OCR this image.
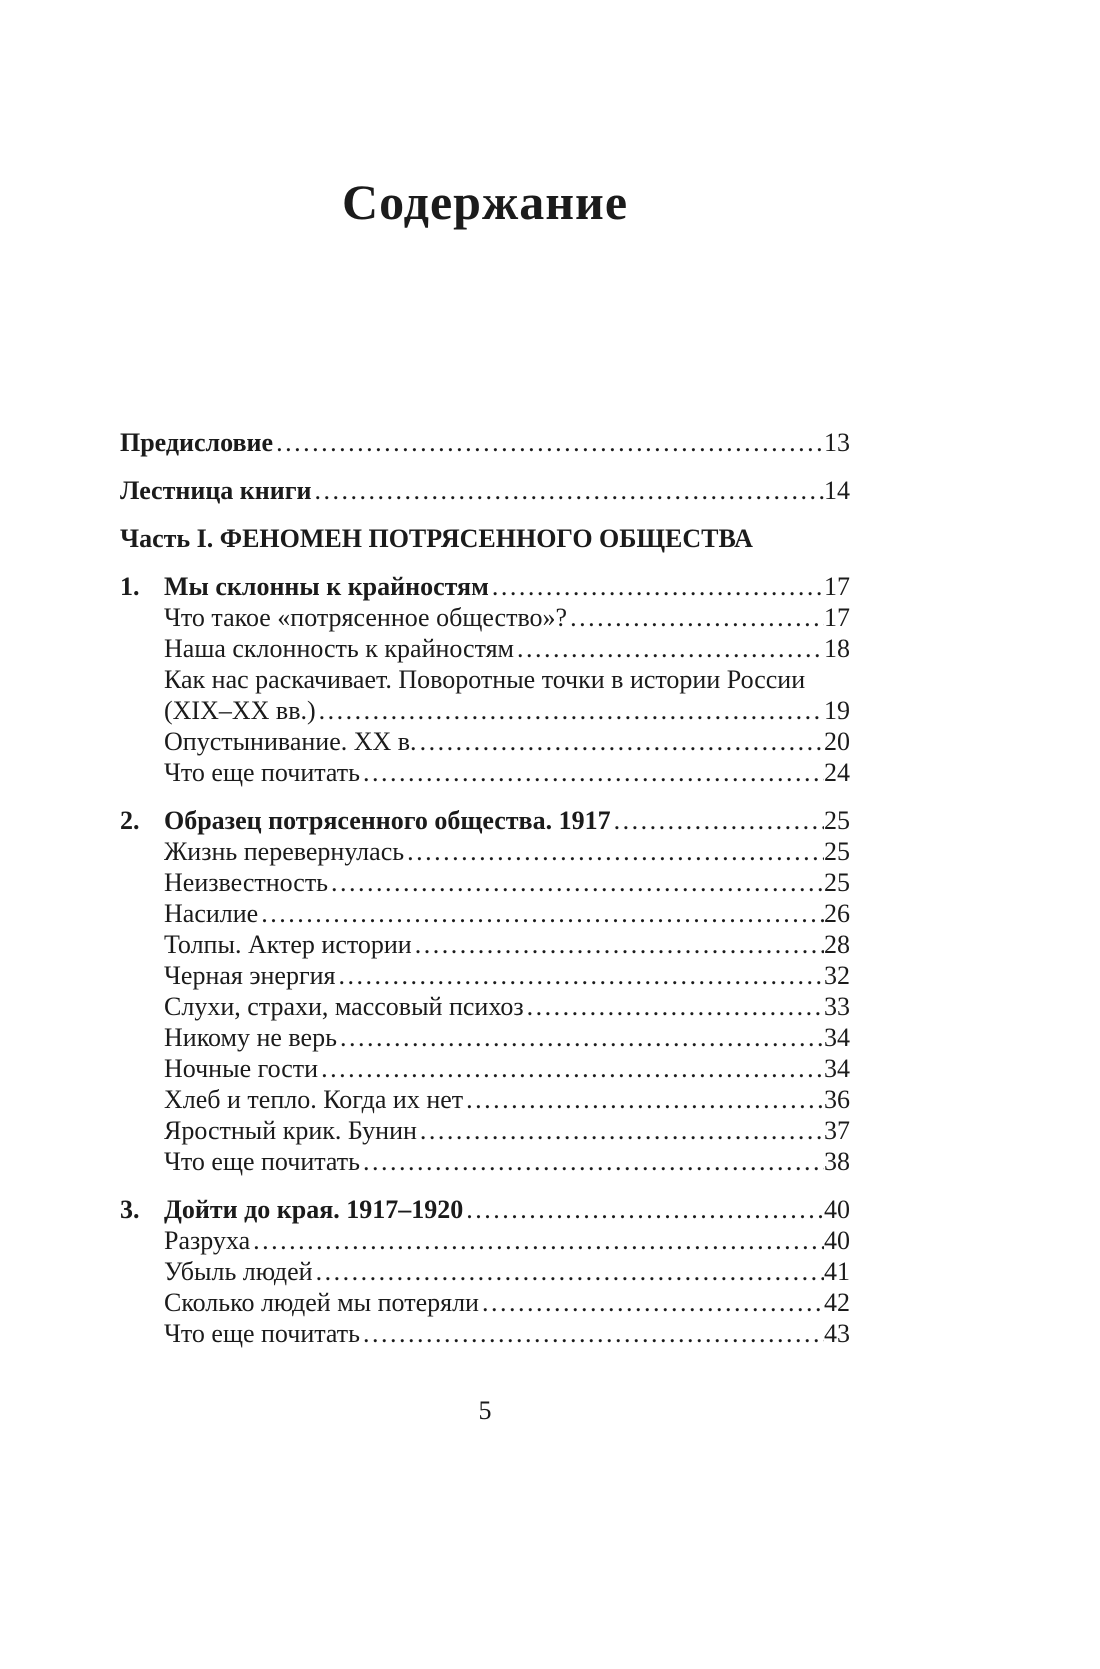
Содержание
Предисловие .....	13
Лестница книги .....	14
Часть I. ФЕНОМЕН ПОТРЯСЕННОГО ОБЩЕСТВА
1. Мы склонны к крайностям .....	17
Что такое «потрясенное общество»? .....	17
Наша склонность к крайностям .....	18
Как нас раскачивает. Поворотные точки в истории России
(XIX–XX вв.) .....	19
Опустынивание. XX в. .....	20
Что еще почитать .....	24
2. Образец потрясенного общества. 1917 .....	25
Жизнь перевернулась .....	25
Неизвестность .....	25
Насилие .....	26
Толпы. Актер истории .....	28
Черная энергия .....	32
Слухи, страхи, массовый психоз .....	33
Никому не верь .....	34
Ночные гости .....	34
Хлеб и тепло. Когда их нет .....	36
Яростный крик. Бунин .....	37
Что еще почитать .....	38
3. Дойти до края. 1917–1920 .....	40
Разруха .....	40
Убыль людей .....	41
Сколько людей мы потеряли .....	42
Что еще почитать .....	43
5
